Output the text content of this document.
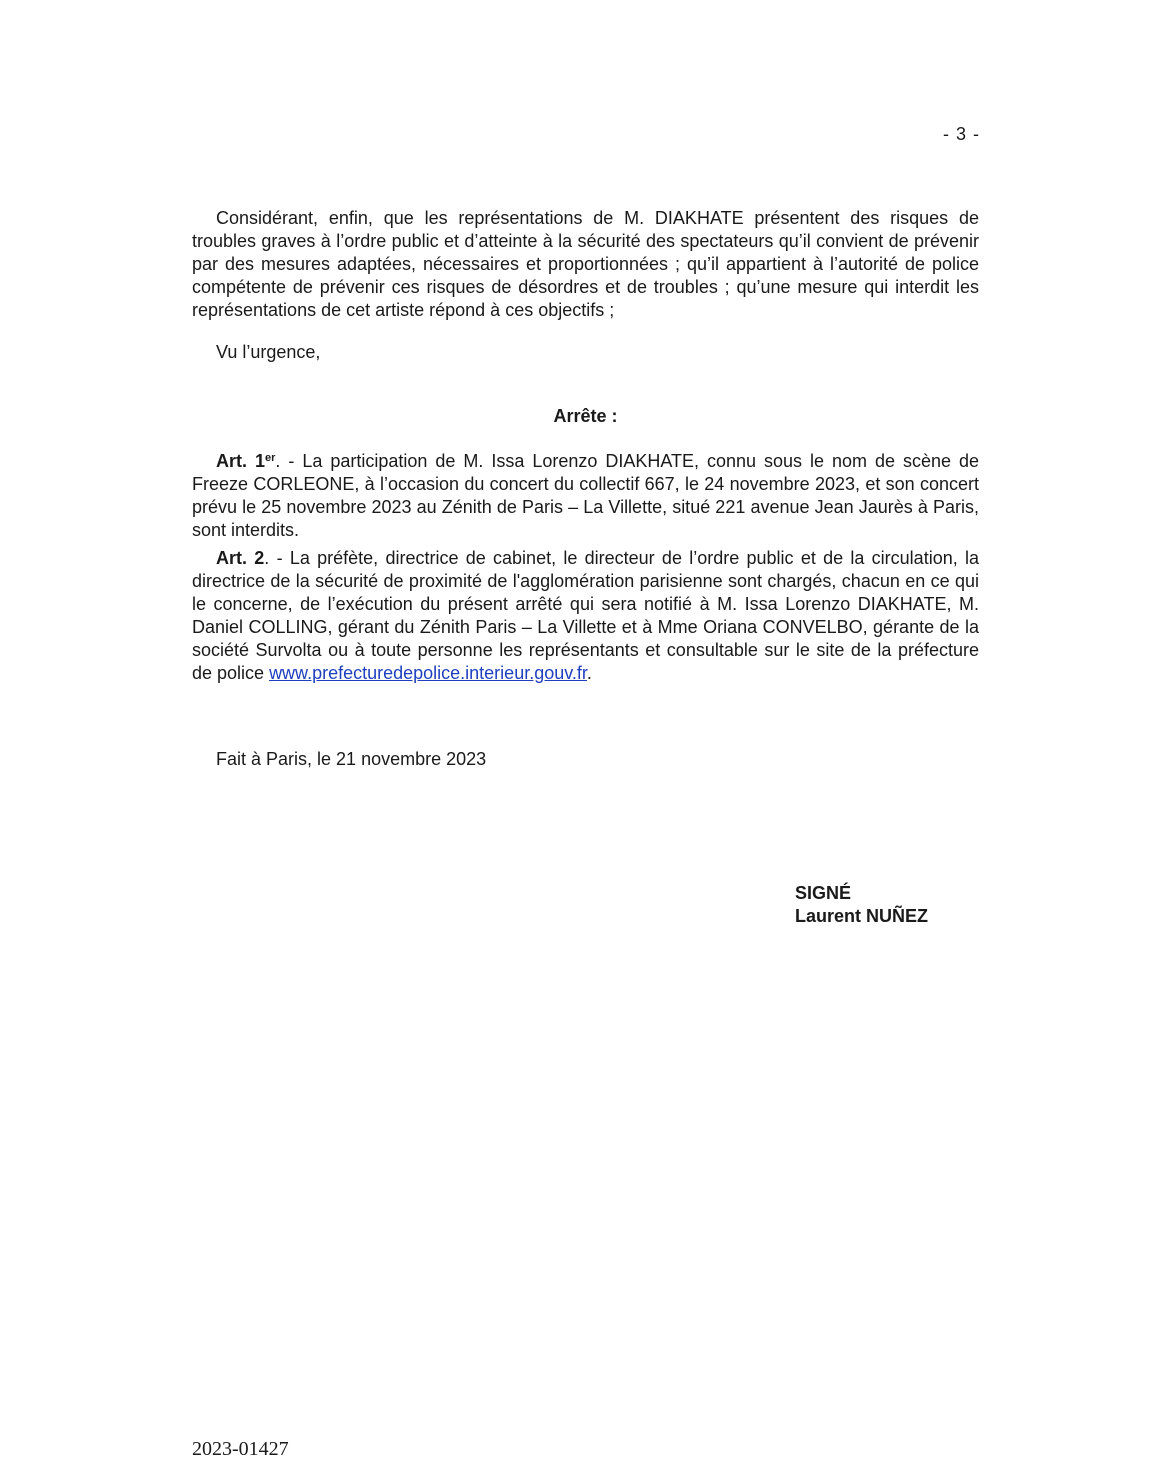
- 3 -

Considérant, enfin, que les représentations de M. DIAKHATE présentent des risques de troubles graves à l’ordre public et d’atteinte à la sécurité des spectateurs qu’il convient de prévenir par des mesures adaptées, nécessaires et proportionnées ; qu’il appartient à l’autorité de police compétente de prévenir ces risques de désordres et de troubles ; qu’une mesure qui interdit les représentations de cet artiste répond à ces objectifs ;

Vu l’urgence,

Arrête :

Art. 1er. - La participation de M. Issa Lorenzo DIAKHATE, connu sous le nom de scène de Freeze CORLEONE, à l’occasion du concert du collectif 667, le 24 novembre 2023, et son concert prévu le 25 novembre 2023 au Zénith de Paris – La Villette, situé 221 avenue Jean Jaurès à Paris, sont interdits.

Art. 2. - La préfète, directrice de cabinet, le directeur de l’ordre public et de la circulation, la directrice de la sécurité de proximité de l'agglomération parisienne sont chargés, chacun en ce qui le concerne, de l’exécution du présent arrêté qui sera notifié à M. Issa Lorenzo DIAKHATE, M. Daniel COLLING, gérant du Zénith Paris – La Villette et à Mme Oriana CONVELBO, gérante de la société Survolta ou à toute personne les représentants et consultable sur le site de la préfecture de police www.prefecturedepolice.interieur.gouv.fr.

Fait à Paris, le 21 novembre 2023

SIGNÉ
Laurent NUÑEZ
2023-01427
